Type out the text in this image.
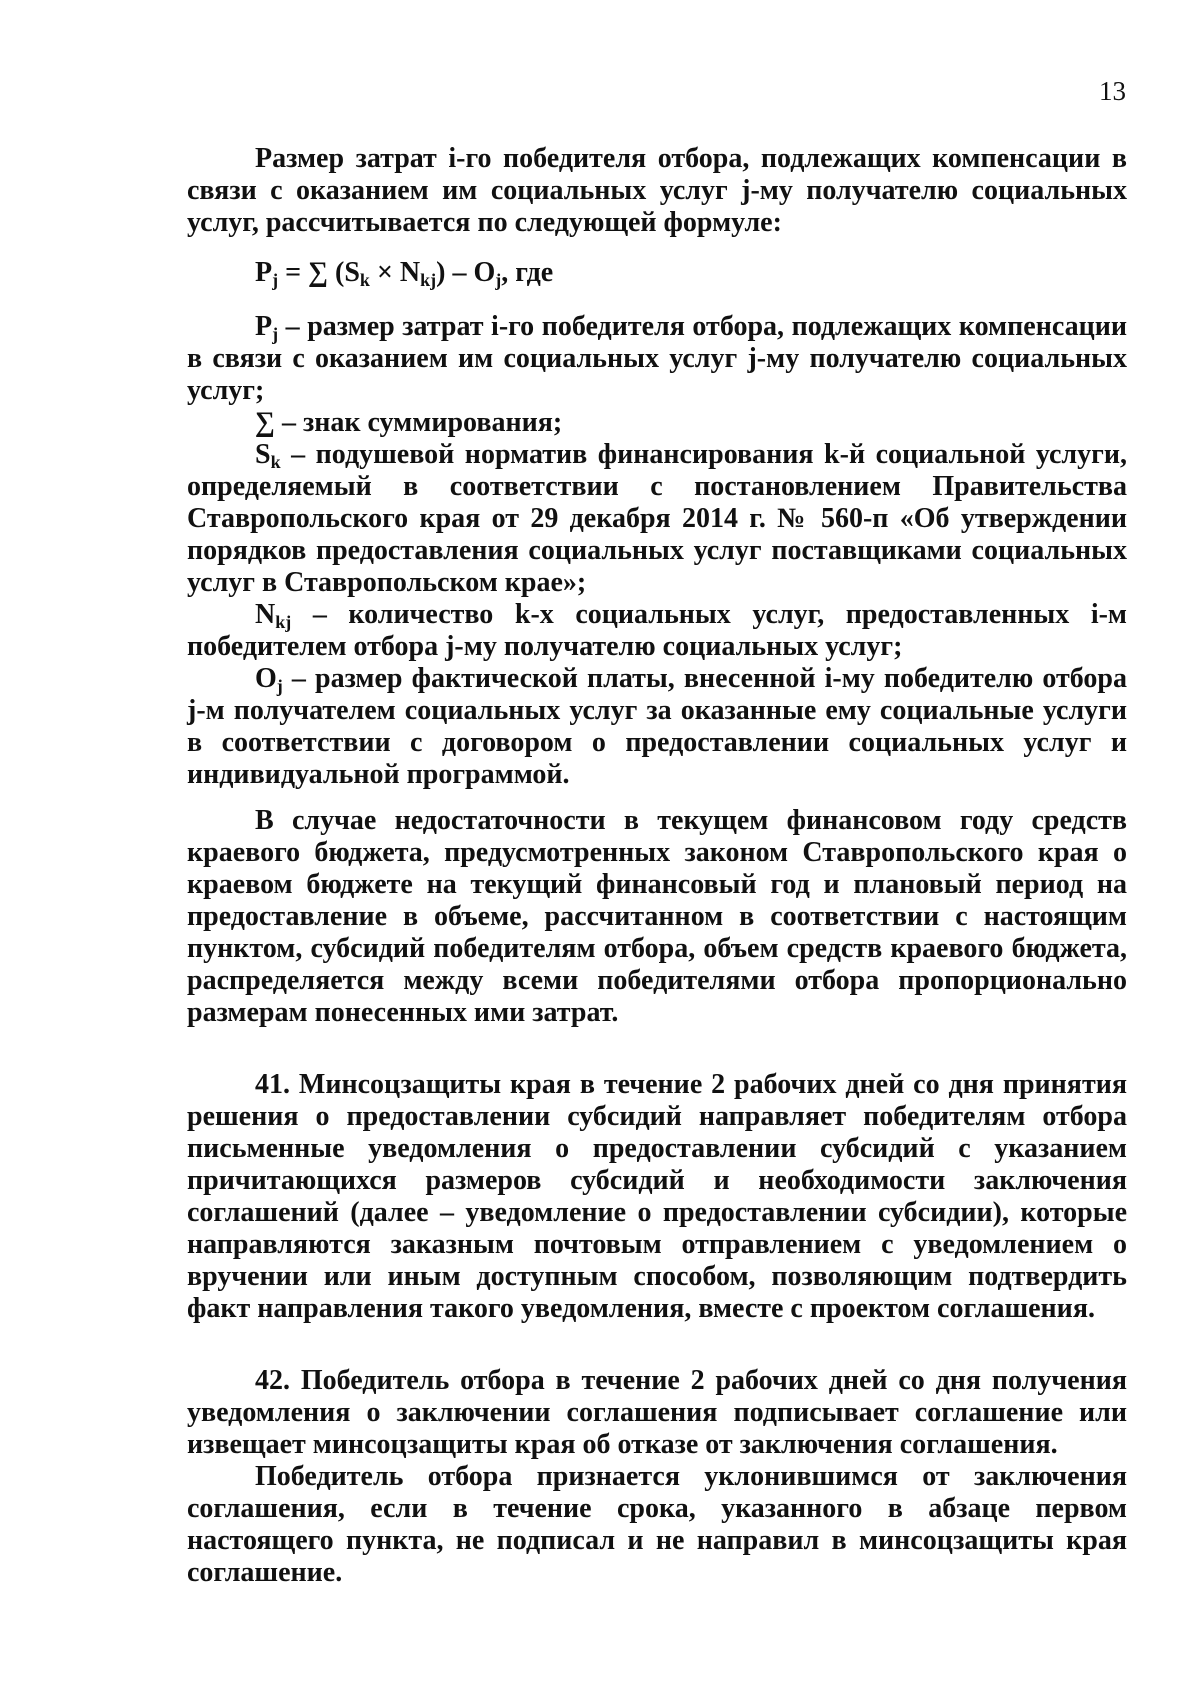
13

Размер затрат i-го победителя отбора, подлежащих компенсации в связи с оказанием им социальных услуг j-му получателю социальных услуг, рассчитывается по следующей формуле:

$P_j$ = ∑ $(S_k \times N_{kj}) - O_j$, где

$P_j$ – размер затрат i-го победителя отбора, подлежащих компенсации в связи с оказанием им социальных услуг j-му получателю социальных услуг;

∑ – знак суммирования;

$S_k$ – подушевой норматив финансирования k-й социальной услуги, определяемый в соответствии с постановлением Правительства Ставропольского края от 29 декабря 2014 г. № 560-п «Об утверждении порядков предоставления социальных услуг поставщиками социальных услуг в Ставропольском крае»;

$N_{kj}$ – количество k-х социальных услуг, предоставленных i-м победителем отбора j-му получателю социальных услуг;

$O_j$ – размер фактической платы, внесенной i-му победителю отбора j-м получателем социальных услуг за оказанные ему социальные услуги в соответствии с договором о предоставлении социальных услуг и индивидуальной программой.

В случае недостаточности в текущем финансовом году средств краевого бюджета, предусмотренных законом Ставропольского края о краевом бюджете на текущий финансовый год и плановый период на предоставление в объеме, рассчитанном в соответствии с настоящим пунктом, субсидий победителям отбора, объем средств краевого бюджета, распределяется между всеми победителями отбора пропорционально размерам понесенных ими затрат.

41. Минсоцзащиты края в течение 2 рабочих дней со дня принятия решения о предоставлении субсидий направляет победителям отбора письменные уведомления о предоставлении субсидий с указанием причитающихся размеров субсидий и необходимости заключения соглашений (далее – уведомление о предоставлении субсидии), которые направляются заказным почтовым отправлением с уведомлением о вручении или иным доступным способом, позволяющим подтвердить факт направления такого уведомления, вместе с проектом соглашения.

42. Победитель отбора в течение 2 рабочих дней со дня получения уведомления о заключении соглашения подписывает соглашение или извещает минсоцзащиты края об отказе от заключения соглашения.

Победитель отбора признается уклонившимся от заключения соглашения, если в течение срока, указанного в абзаце первом настоящего пункта, не подписал и не направил в минсоцзащиты края соглашение.
